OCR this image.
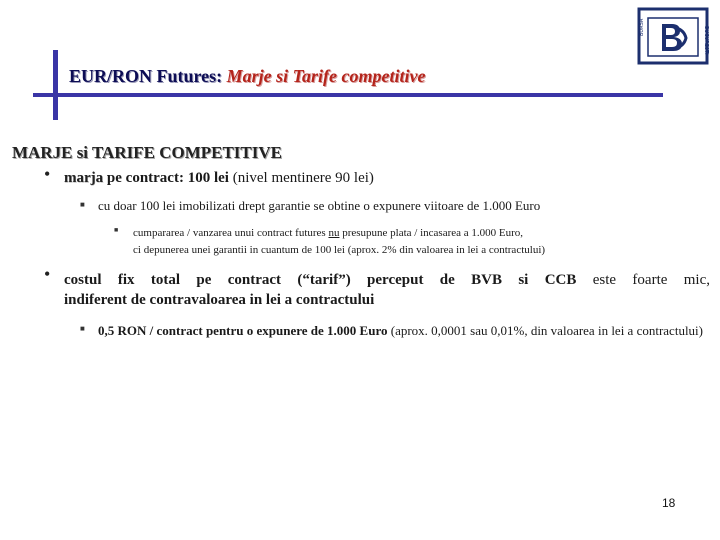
EUR/RON Futures: Marje si Tarife competitive
BURSA	BUCURESTI
MARJE si TARIFE COMPETITIVE
• marja pe contract: 100 lei (nivel mentinere 90 lei)
■ cu doar 100 lei imobilizati drept garantie se obtine o expunere viitoare de 1.000 Euro
■ cumpararea / vanzarea unui contract futures nu presupune plata / incasarea a 1.000 Euro,
ci depunerea unei garantii in cuantum de 100 lei (aprox. 2% din valoarea in lei a contractului)
• costul fix total pe contract (“tarif”) perceput de BVB si CCB este foarte mic,
indiferent de contravaloarea in lei a contractului
■ 0,5 RON / contract pentru o expunere de 1.000 Euro (aprox. 0,0001 sau 0,01%, din valoarea in lei a contractului)
18
